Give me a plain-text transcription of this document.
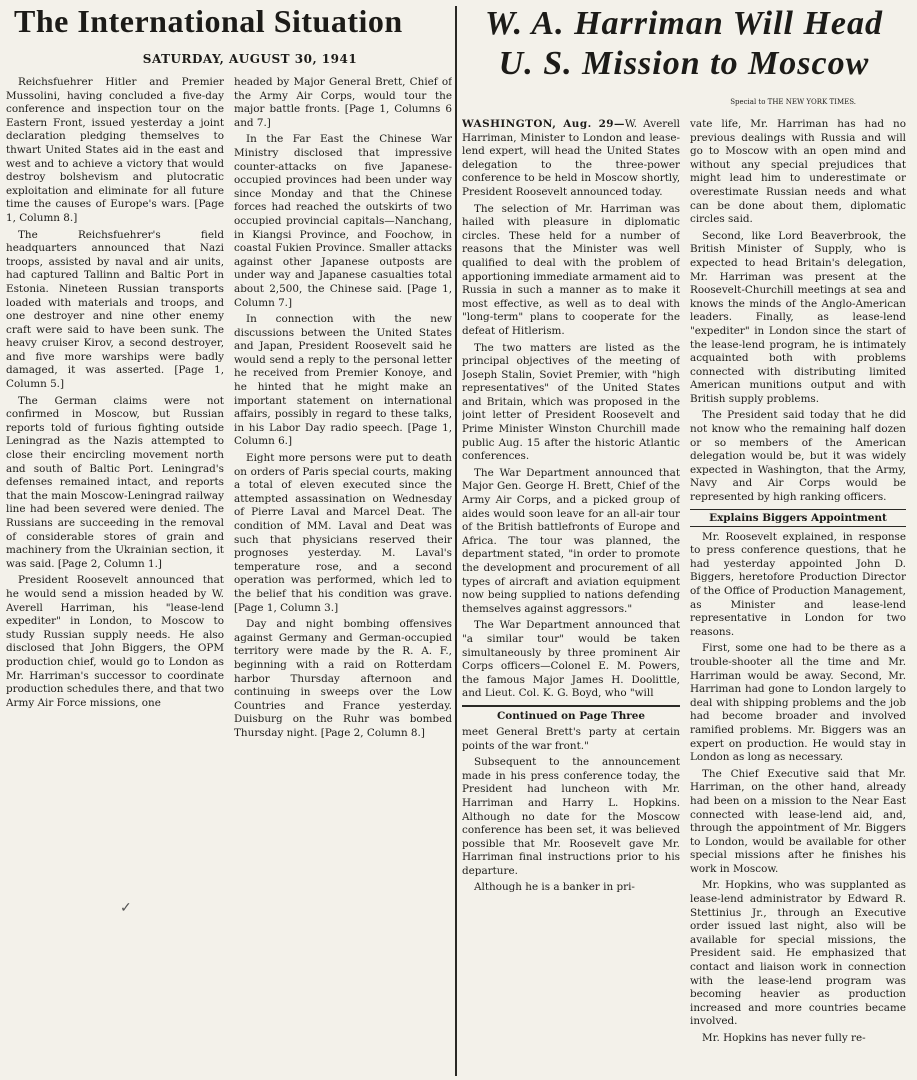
The International Situation
SATURDAY, AUGUST 30, 1941

Reichsfuehrer Hitler and Premier Mussolini, having concluded a five-day conference and inspection tour on the Eastern Front, issued yesterday a joint declaration pledging themselves to thwart United States aid in the east and west and to achieve a victory that would destroy bolshevism and plutocratic exploitation and eliminate for all future time the causes of Europe's wars. [Page 1, Column 8.]

The Reichsfuehrer's field headquarters announced that Nazi troops, assisted by naval and air units, had captured Tallinn and Baltic Port in Estonia. Nineteen Russian transports loaded with materials and troops, and one destroyer and nine other enemy craft were said to have been sunk. The heavy cruiser Kirov, a second destroyer, and five more warships were badly damaged, it was asserted. [Page 1, Column 5.]

The German claims were not confirmed in Moscow, but Russian reports told of furious fighting outside Leningrad as the Nazis attempted to close their encircling movement north and south of Baltic Port. Leningrad's defenses remained intact, and reports that the main Moscow-Leningrad railway line had been severed were denied. The Russians are succeeding in the removal of considerable stores of grain and machinery from the Ukrainian section, it was said. [Page 2, Column 1.]

President Roosevelt announced that he would send a mission headed by W. Averell Harriman, his "lease-lend expediter" in London, to Moscow to study Russian supply needs. He also disclosed that John Biggers, the OPM production chief, would go to London as Mr. Harriman's successor to coordinate production schedules there, and that two Army Air Force missions, one

headed by Major General Brett, Chief of the Army Air Corps, would tour the major battle fronts. [Page 1, Columns 6 and 7.]

In the Far East the Chinese War Ministry disclosed that impressive counter-attacks on five Japanese-occupied provinces had been under way since Monday and that the Chinese forces had reached the outskirts of two occupied provincial capitals—Nanchang, in Kiangsi Province, and Foochow, in coastal Fukien Province. Smaller attacks against other Japanese outposts are under way and Japanese casualties total about 2,500, the Chinese said. [Page 1, Column 7.]

In connection with the new discussions between the United States and Japan, President Roosevelt said he would send a reply to the personal letter he received from Premier Konoye, and he hinted that he might make an important statement on international affairs, possibly in regard to these talks, in his Labor Day radio speech. [Page 1, Column 6.]

Eight more persons were put to death on orders of Paris special courts, making a total of eleven executed since the attempted assassination on Wednesday of Pierre Laval and Marcel Deat. The condition of MM. Laval and Deat was such that physicians reserved their prognoses yesterday. M. Laval's temperature rose, and a second operation was performed, which led to the belief that his condition was grave. [Page 1, Column 3.]

Day and night bombing offensives against Germany and German-occupied territory were made by the R. A. F., beginning with a raid on Rotterdam harbor Thursday afternoon and continuing in sweeps over the Low Countries and France yesterday. Duisburg on the Ruhr was bombed Thursday night. [Page 2, Column 8.]

W. A. Harriman Will Head
U. S. Mission to Moscow
Special to THE NEW YORK TIMES.

WASHINGTON, Aug. 29—W. Averell Harriman, Minister to London and lease-lend expert, will head the United States delegation to the three-power conference to be held in Moscow shortly, President Roosevelt announced today.

The selection of Mr. Harriman was hailed with pleasure in diplomatic circles. These held for a number of reasons that the Minister was well qualified to deal with the problem of apportioning immediate armament aid to Russia in such a manner as to make it most effective, as well as to deal with "long-term" plans to cooperate for the defeat of Hitlerism.

The two matters are listed as the principal objectives of the meeting of Joseph Stalin, Soviet Premier, with "high representatives" of the United States and Britain, which was proposed in the joint letter of President Roosevelt and Prime Minister Winston Churchill made public Aug. 15 after the historic Atlantic conferences.

The War Department announced that Major Gen. George H. Brett, Chief of the Army Air Corps, and a picked group of aides would soon leave for an all-air tour of the British battlefronts of Europe and Africa. The tour was planned, the department stated, "in order to promote the development and procurement of all types of aircraft and aviation equipment now being supplied to nations defending themselves against aggressors."

The War Department announced that "a similar tour" would be taken simultaneously by three prominent Air Corps officers—Colonel E. M. Powers, the famous Major James H. Doolittle, and Lieut. Col. K. G. Boyd, who "will

Continued on Page Three

meet General Brett's party at certain points of the war front."

Subsequent to the announcement made in his press conference today, the President had luncheon with Mr. Harriman and Harry L. Hopkins. Although no date for the Moscow conference has been set, it was believed possible that Mr. Roosevelt gave Mr. Harriman final instructions prior to his departure.

Although he is a banker in pri-

vate life, Mr. Harriman has had no previous dealings with Russia and will go to Moscow with an open mind and without any special prejudices that might lead him to underestimate or overestimate Russian needs and what can be done about them, diplomatic circles said.

Second, like Lord Beaverbrook, the British Minister of Supply, who is expected to head Britain's delegation, Mr. Harriman was present at the Roosevelt-Churchill meetings at sea and knows the minds of the Anglo-American leaders. Finally, as lease-lend "expediter" in London since the start of the lease-lend program, he is intimately acquainted both with problems connected with distributing limited American munitions output and with British supply problems.

The President said today that he did not know who the remaining half dozen or so members of the American delegation would be, but it was widely expected in Washington, that the Army, Navy and Air Corps would be represented by high ranking officers.

Explains Biggers Appointment

Mr. Roosevelt explained, in response to press conference questions, that he had yesterday appointed John D. Biggers, heretofore Production Director of the Office of Production Management, as Minister and lease-lend representative in London for two reasons.

First, some one had to be there as a trouble-shooter all the time and Mr. Harriman would be away. Second, Mr. Harriman had gone to London largely to deal with shipping problems and the job had become broader and involved ramified problems. Mr. Biggers was an expert on production. He would stay in London as long as necessary.

The Chief Executive said that Mr. Harriman, on the other hand, already had been on a mission to the Near East connected with lease-lend aid, and, through the appointment of Mr. Biggers to London, would be available for other special missions after he finishes his work in Moscow.

Mr. Hopkins, who was supplanted as lease-lend administrator by Edward R. Stettinius Jr., through an Executive order issued last night, also will be available for special missions, the President said. He emphasized that contact and liaison work in connection with the lease-lend program was becoming heavier as production increased and more countries became involved.

Mr. Hopkins has never fully re-

✓
